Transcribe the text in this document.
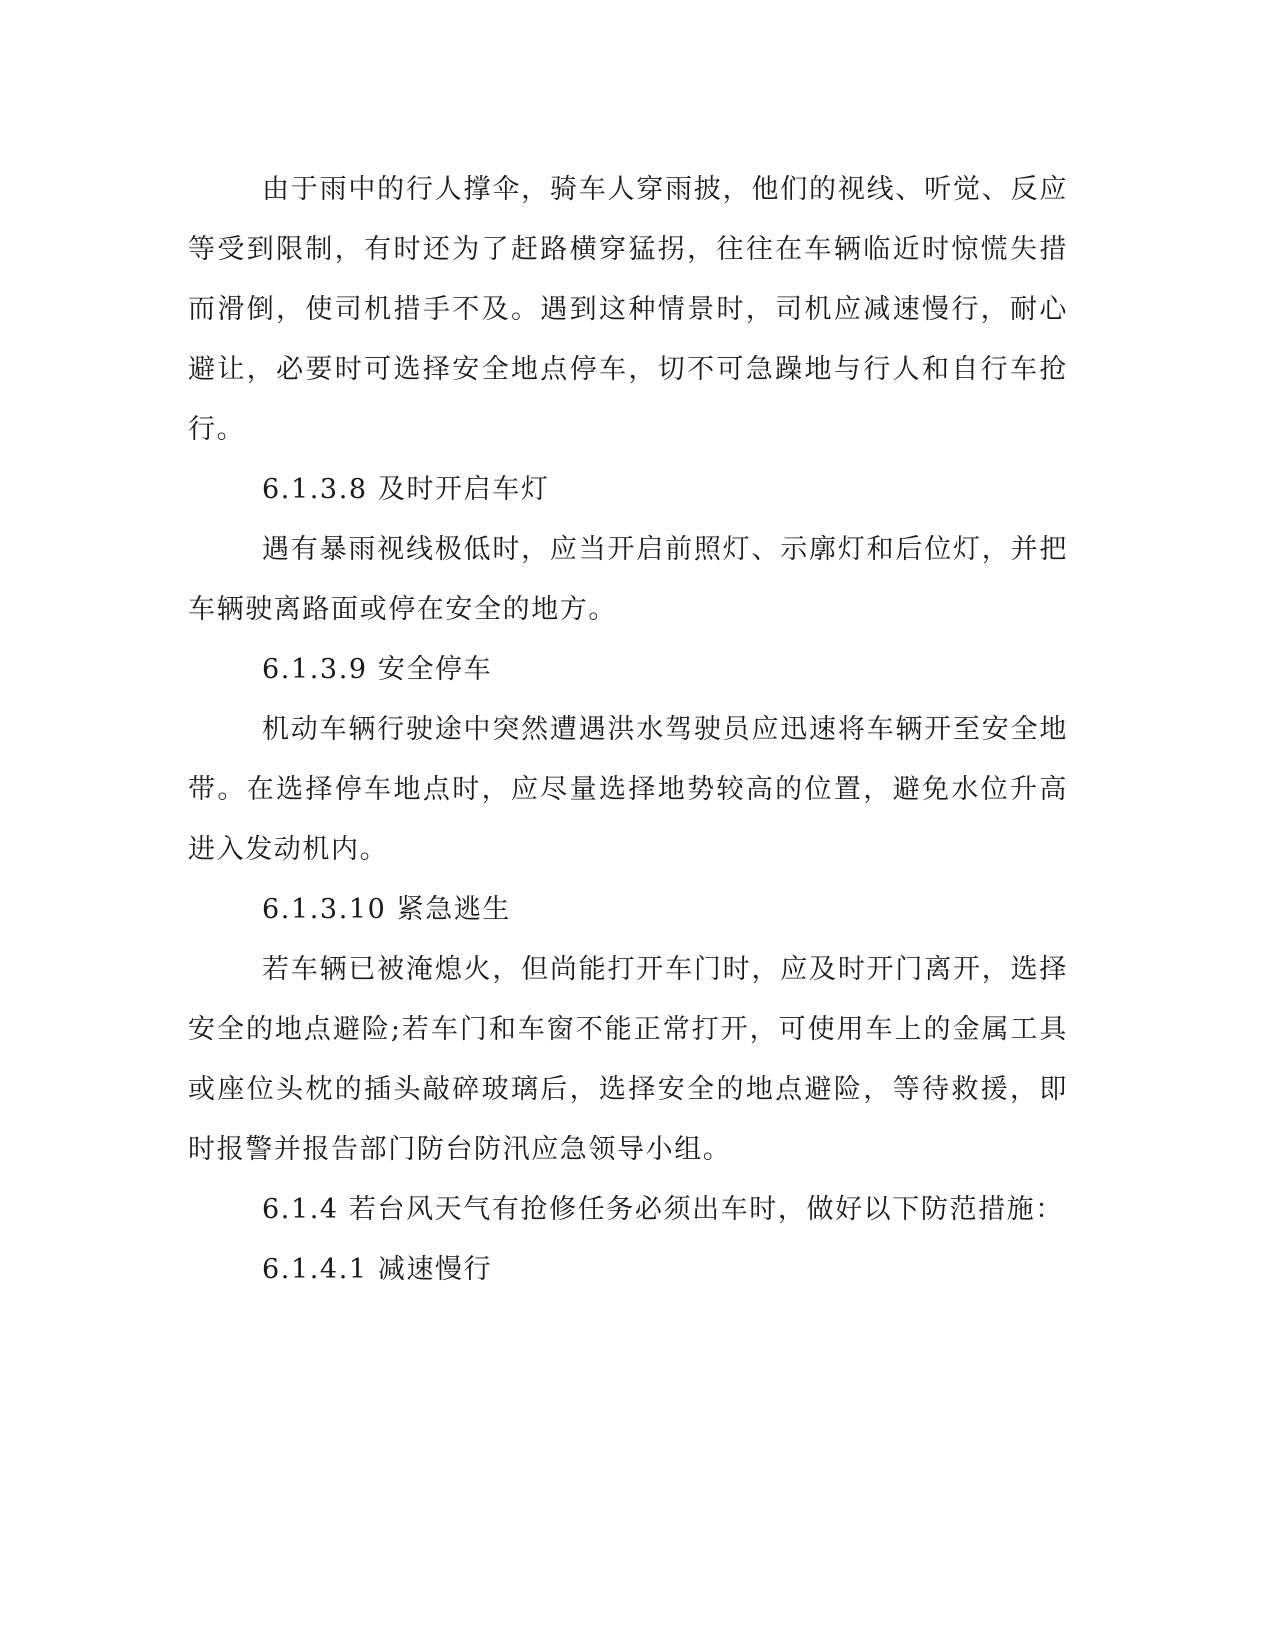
由于雨中的行人撑伞，骑车人穿雨披，他们的视线、听觉、反应等受到限制，有时还为了赶路横穿猛拐，往往在车辆临近时惊慌失措而滑倒，使司机措手不及。遇到这种情景时，司机应减速慢行，耐心避让，必要时可选择安全地点停车，切不可急躁地与行人和自行车抢行。

6.1.3.8 及时开启车灯

遇有暴雨视线极低时，应当开启前照灯、示廓灯和后位灯，并把车辆驶离路面或停在安全的地方。

6.1.3.9 安全停车

机动车辆行驶途中突然遭遇洪水驾驶员应迅速将车辆开至安全地带。在选择停车地点时，应尽量选择地势较高的位置，避免水位升高进入发动机内。

6.1.3.10 紧急逃生

若车辆已被淹熄火，但尚能打开车门时，应及时开门离开，选择安全的地点避险;若车门和车窗不能正常打开，可使用车上的金属工具或座位头枕的插头敲碎玻璃后，选择安全的地点避险，等待救援，即时报警并报告部门防台防汛应急领导小组。

6.1.4 若台风天气有抢修任务必须出车时，做好以下防范措施：

6.1.4.1 减速慢行
